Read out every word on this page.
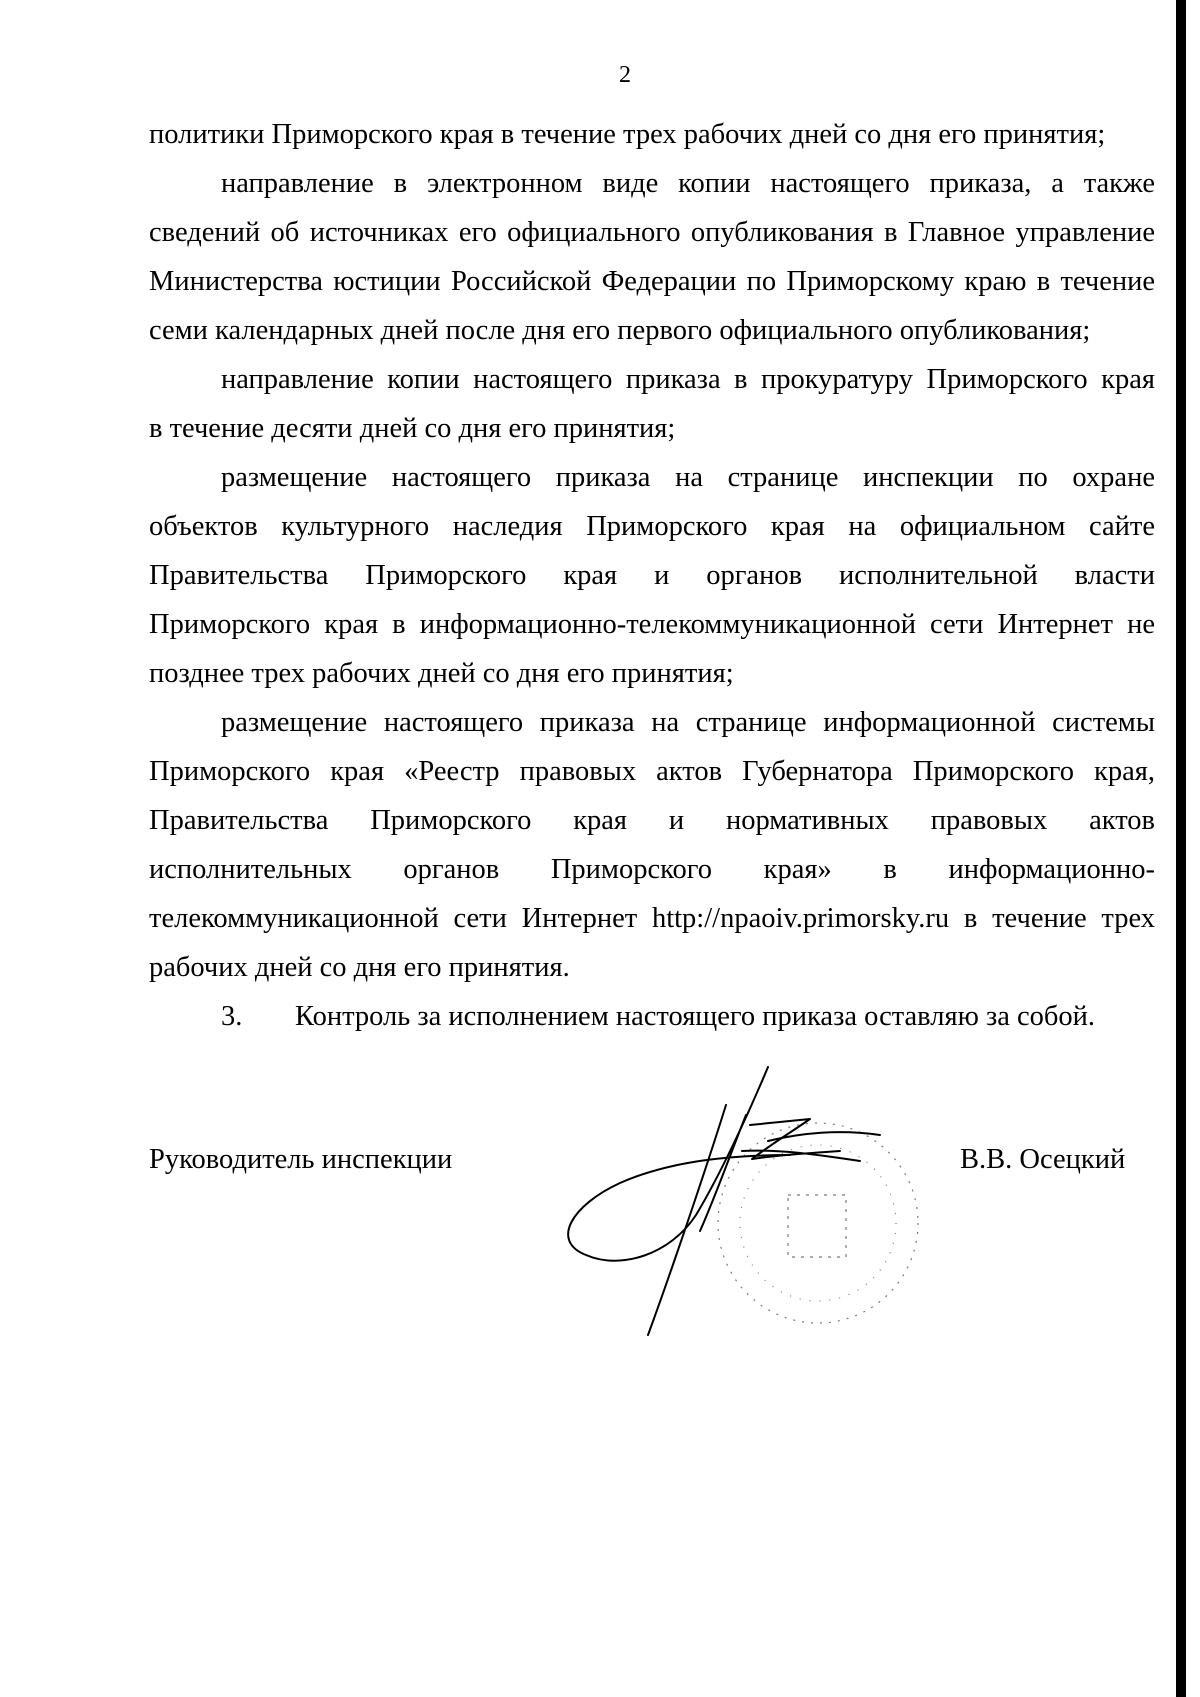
2
политики Приморского края в течение трех рабочих дней со дня его принятия;
направление в электронном виде копии настоящего приказа, а также
сведений об источниках его официального опубликования в Главное управление
Министерства юстиции Российской Федерации по Приморскому краю в течение
семи календарных дней после дня его первого официального опубликования;
направление копии настоящего приказа в прокуратуру Приморского края
в течение десяти дней со дня его принятия;
размещение настоящего приказа на странице инспекции по охране
объектов культурного наследия Приморского края на официальном сайте
Правительства Приморского края и органов исполнительной власти
Приморского края в информационно-телекоммуникационной сети Интернет не
позднее трех рабочих дней со дня его принятия;
размещение настоящего приказа на странице информационной системы
Приморского края «Реестр правовых актов Губернатора Приморского края,
Правительства Приморского края и нормативных правовых актов
исполнительных органов Приморского края» в информационно-
телекоммуникационной сети Интернет http://npaoiv.primorsky.ru в течение трех
рабочих дней со дня его принятия.
3. Контроль за исполнением настоящего приказа оставляю за собой.
Руководитель инспекции	В.В. Осецкий
